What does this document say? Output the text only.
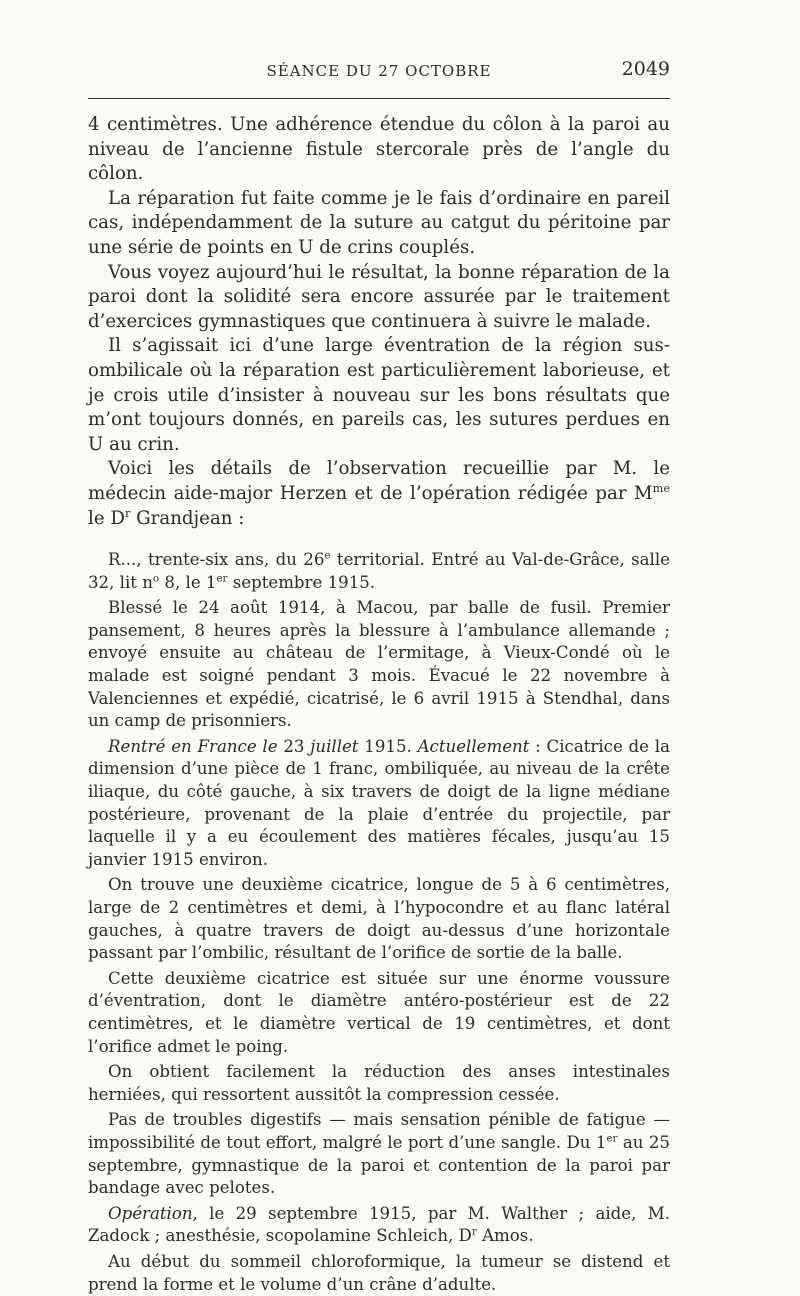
SÉANCE DU 27 OCTOBRE	2049

4 centimètres. Une adhérence étendue du côlon à la paroi au niveau de l’ancienne fistule stercorale près de l’angle du côlon.

La réparation fut faite comme je le fais d’ordinaire en pareil cas, indépendamment de la suture au catgut du péritoine par une série de points en U de crins couplés.

Vous voyez aujourd’hui le résultat, la bonne réparation de la paroi dont la solidité sera encore assurée par le traitement d’exercices gymnastiques que continuera à suivre le malade.

Il s’agissait ici d’une large éventration de la région sus-ombilicale où la réparation est particulièrement laborieuse, et je crois utile d’insister à nouveau sur les bons résultats que m’ont toujours donnés, en pareils cas, les sutures perdues en U au crin.

Voici les détails de l’observation recueillie par M. le médecin aide-major Herzen et de l’opération rédigée par $M^{me}$ le $D^r$ Grandjean :

R..., trente-six ans, du 26e territorial. Entré au Val-de-Grâce, salle 32, lit $n^o$ 8, le 1er septembre 1915.

Blessé le 24 août 1914, à Macou, par balle de fusil. Premier pansement, 8 heures après la blessure à l’ambulance allemande ; envoyé ensuite au château de l’ermitage, à Vieux-Condé où le malade est soigné pendant 3 mois. Évacué le 22 novembre à Valenciennes et expédié, cicatrisé, le 6 avril 1915 à Stendhal, dans un camp de prisonniers.

Rentré en France le 23 juillet 1915. Actuellement : Cicatrice de la dimension d’une pièce de 1 franc, ombiliquée, au niveau de la crête iliaque, du côté gauche, à six travers de doigt de la ligne médiane postérieure, provenant de la plaie d’entrée du projectile, par laquelle il y a eu écoulement des matières fécales, jusqu’au 15 janvier 1915 environ.

On trouve une deuxième cicatrice, longue de 5 à 6 centimètres, large de 2 centimètres et demi, à l’hypocondre et au flanc latéral gauches, à quatre travers de doigt au-dessus d’une horizontale passant par l’ombilic, résultant de l’orifice de sortie de la balle.

Cette deuxième cicatrice est située sur une énorme voussure d’éventration, dont le diamètre antéro-postérieur est de 22 centimètres, et le diamètre vertical de 19 centimètres, et dont l’orifice admet le poing.

On obtient facilement la réduction des anses intestinales herniées, qui ressortent aussitôt la compression cessée.

Pas de troubles digestifs — mais sensation pénible de fatigue — impossibilité de tout effort, malgré le port d’une sangle. Du 1er au 25 septembre, gymnastique de la paroi et contention de la paroi par bandage avec pelotes.

Opération, le 29 septembre 1915, par M. Walther ; aide, M. Zadock ; anesthésie, scopolamine Schleich, $D^r$ Amos.

Au début du sommeil chloroformique, la tumeur se distend et prend la forme et le volume d’un crâne d’adulte.
